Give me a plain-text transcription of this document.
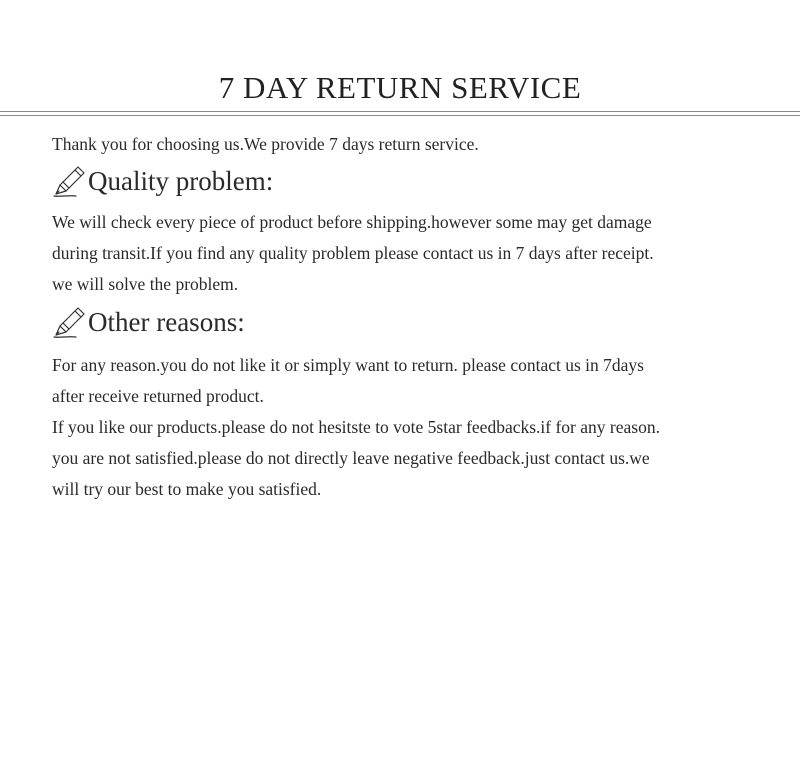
7 DAY RETURN SERVICE

Thank you for choosing us.We provide 7 days return service.

Quality problem:

We will check every piece of product before shipping.however some may get damage
during transit.If you find any quality problem please contact us in 7 days after receipt.
we will solve the problem.

Other reasons:

For any reason.you do not like it or simply want to return. please contact us in 7days
after receive returned product.
If you like our products.please do not hesitste to vote 5star feedbacks.if for any reason.
you are not satisfied.please do not directly leave negative feedback.just contact us.we
will try our best to make you satisfied.
